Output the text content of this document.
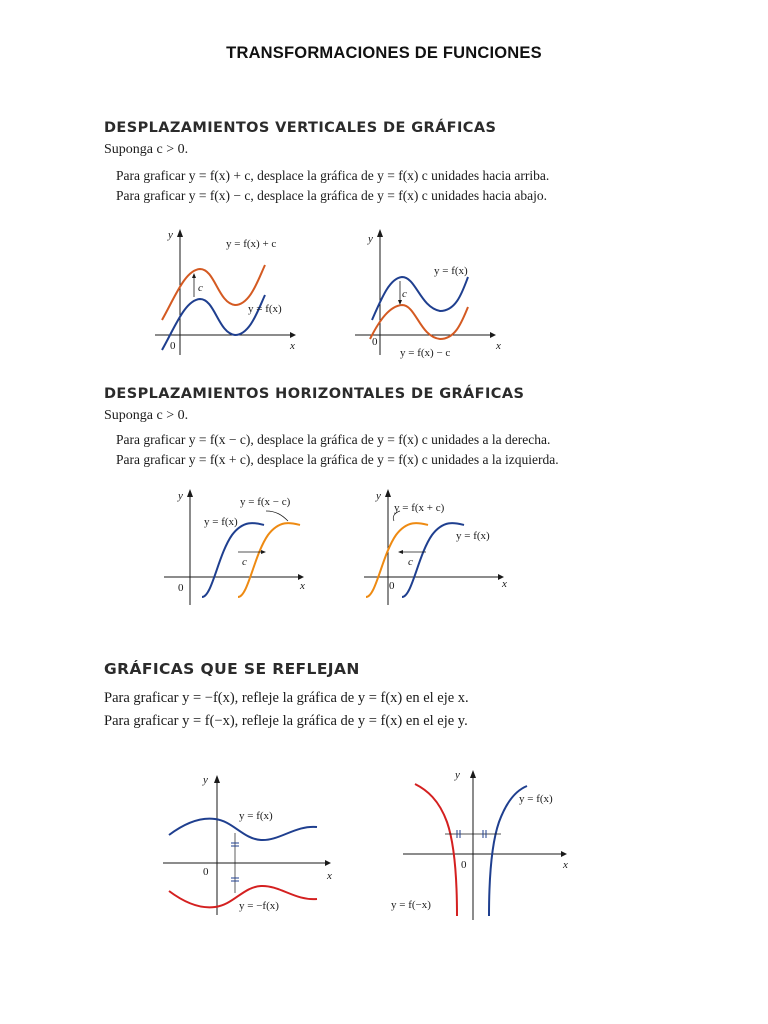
TRANSFORMACIONES DE FUNCIONES
DESPLAZAMIENTOS VERTICALES DE GRÁFICAS
Suponga c > 0.
Para graficar y = f(x) + c, desplace la gráfica de y = f(x) c unidades hacia arriba.
Para graficar y = f(x) − c, desplace la gráfica de y = f(x) c unidades hacia abajo.
y
x
0
c
y = f(x) + c
y = f(x)
y
x
0
c
y = f(x)
y = f(x) − c
DESPLAZAMIENTOS HORIZONTALES DE GRÁFICAS
Suponga c > 0.
Para graficar y = f(x − c), desplace la gráfica de y = f(x) c unidades a la derecha.
Para graficar y = f(x + c), desplace la gráfica de y = f(x) c unidades a la izquierda.
y
x
0
c
y = f(x − c)
y = f(x)
y
x
0
c
y = f(x + c)
y = f(x)
GRÁFICAS QUE SE REFLEJAN
Para graficar y = −f(x), refleje la gráfica de y = f(x) en el eje x.
Para graficar y = f(−x), refleje la gráfica de y = f(x) en el eje y.
y
x
0
y = f(x)
y = −f(x)
y
x
0
y = f(x)
y = f(−x)
